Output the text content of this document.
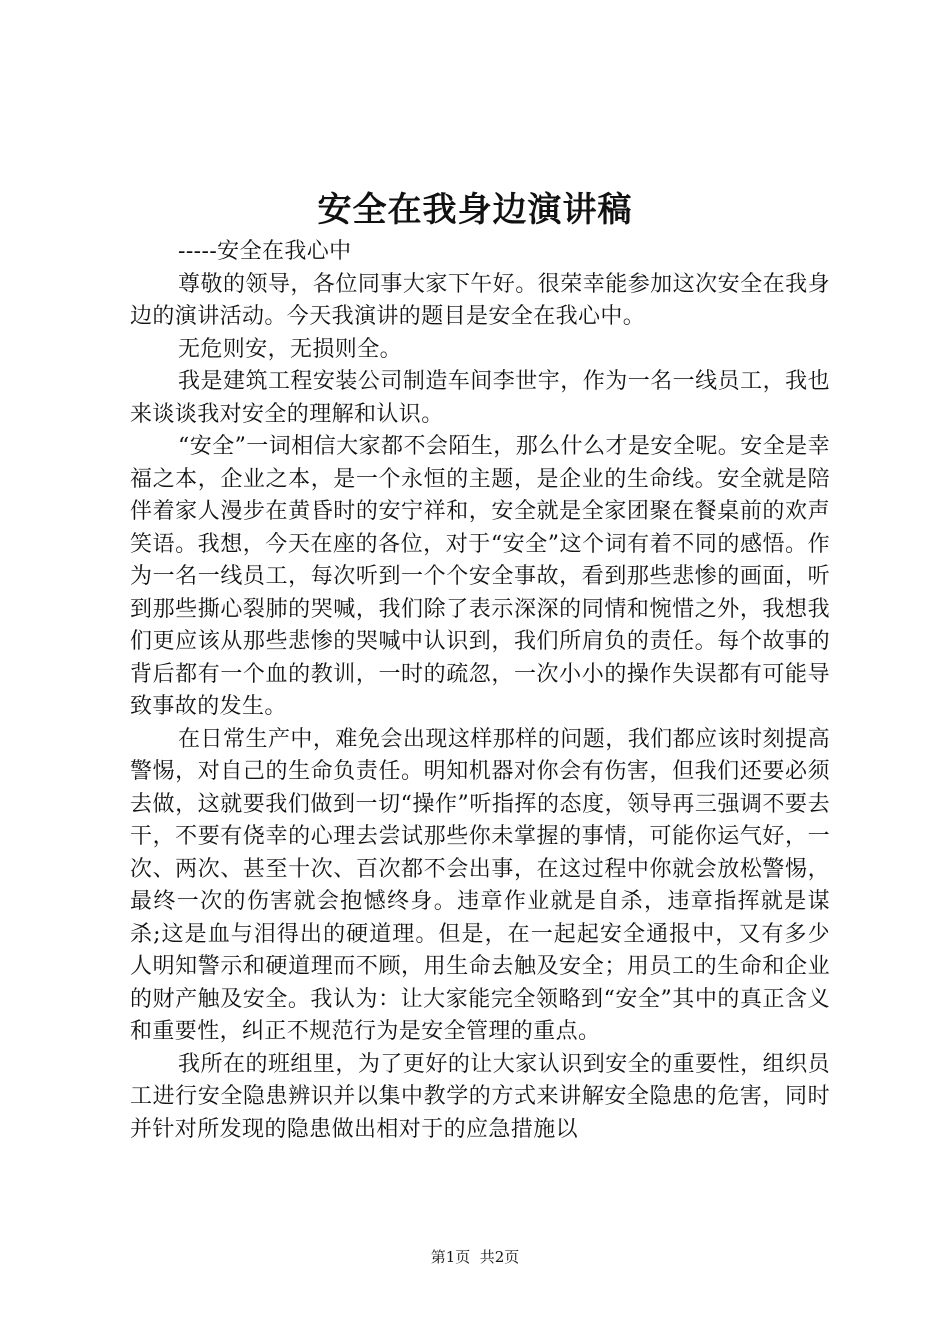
安全在我身边演讲稿

-----安全在我心中

尊敬的领导，各位同事大家下午好。很荣幸能参加这次安全在我身边的演讲活动。今天我演讲的题目是安全在我心中。

无危则安，无损则全。

我是建筑工程安装公司制造车间李世宇，作为一名一线员工，我也来谈谈我对安全的理解和认识。

“安全”一词相信大家都不会陌生，那么什么才是安全呢。安全是幸福之本，企业之本，是一个永恒的主题，是企业的生命线。安全就是陪伴着家人漫步在黄昏时的安宁祥和，安全就是全家团聚在餐桌前的欢声笑语。我想，今天在座的各位，对于“安全”这个词有着不同的感悟。作为一名一线员工，每次听到一个个安全事故，看到那些悲惨的画面，听到那些撕心裂肺的哭喊，我们除了表示深深的同情和惋惜之外，我想我们更应该从那些悲惨的哭喊中认识到，我们所肩负的责任。每个故事的背后都有一个血的教训，一时的疏忽，一次小小的操作失误都有可能导致事故的发生。

在日常生产中，难免会出现这样那样的问题，我们都应该时刻提高警惕，对自己的生命负责任。明知机器对你会有伤害，但我们还要必须去做，这就要我们做到一切“操作”听指挥的态度，领导再三强调不要去干，不要有侥幸的心理去尝试那些你未掌握的事情，可能你运气好，一次、两次、甚至十次、百次都不会出事，在这过程中你就会放松警惕，最终一次的伤害就会抱憾终身。违章作业就是自杀，违章指挥就是谋杀;这是血与泪得出的硬道理。但是，在一起起安全通报中，又有多少人明知警示和硬道理而不顾，用生命去触及安全；用员工的生命和企业的财产触及安全。我认为：让大家能完全领略到“安全”其中的真正含义和重要性，纠正不规范行为是安全管理的重点。

我所在的班组里，为了更好的让大家认识到安全的重要性，组织员工进行安全隐患辨识并以集中教学的方式来讲解安全隐患的危害，同时并针对所发现的隐患做出相对于的应急措施以

第1页  共2页
